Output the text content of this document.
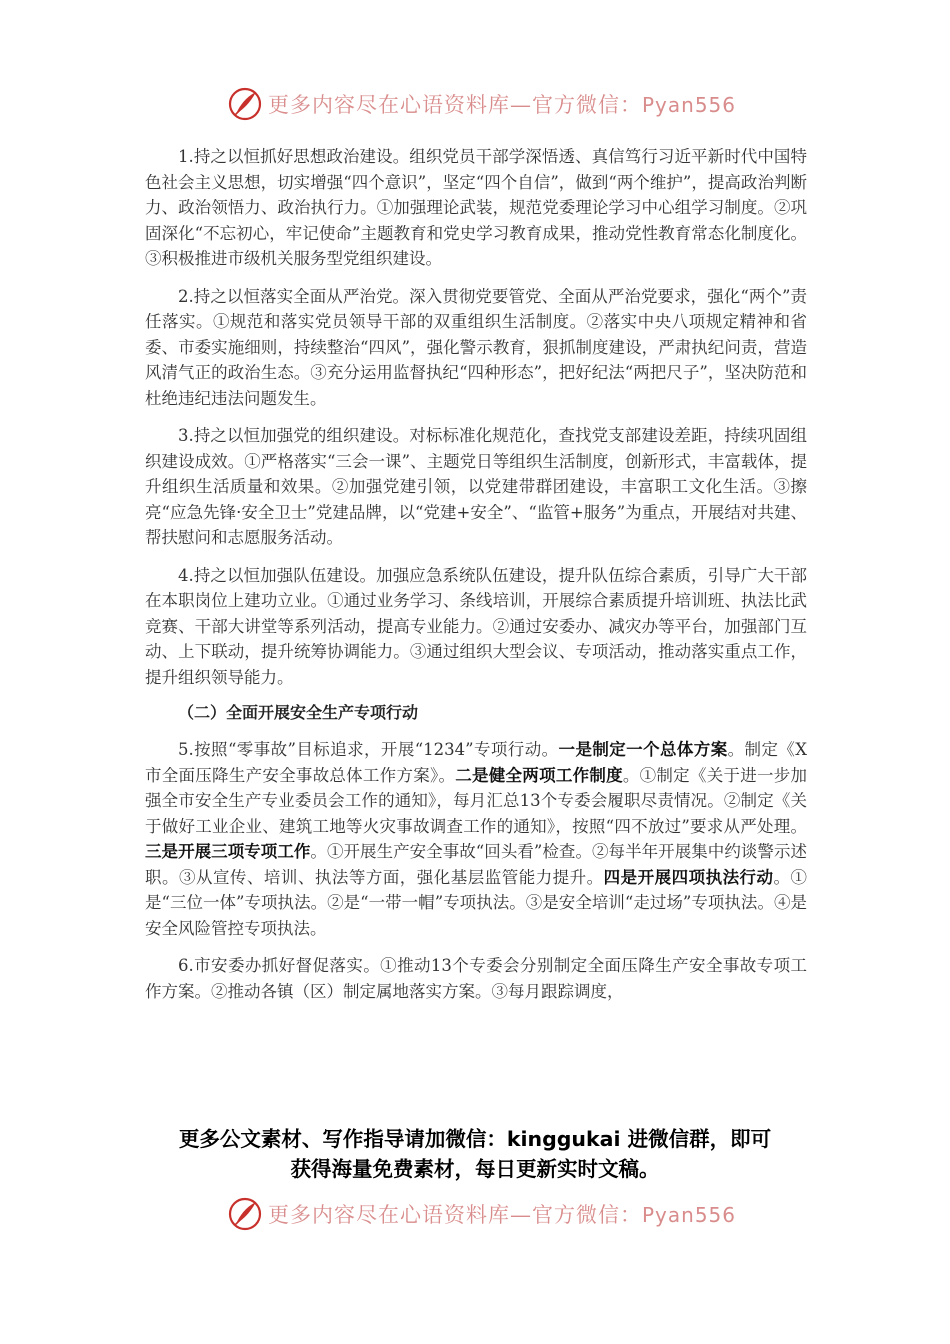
更多内容尽在心语资料库—官方微信：Pyan556

1.持之以恒抓好思想政治建设。组织党员干部学深悟透、真信笃行习近平新时代中国特色社会主义思想，切实增强“四个意识”，坚定“四个自信”，做到“两个维护”，提高政治判断力、政治领悟力、政治执行力。①加强理论武装，规范党委理论学习中心组学习制度。②巩固深化“不忘初心，牢记使命”主题教育和党史学习教育成果，推动党性教育常态化制度化。③积极推进市级机关服务型党组织建设。

2.持之以恒落实全面从严治党。深入贯彻党要管党、全面从严治党要求，强化“两个”责任落实。①规范和落实党员领导干部的双重组织生活制度。②落实中央八项规定精神和省委、市委实施细则，持续整治“四风”，强化警示教育，狠抓制度建设，严肃执纪问责，营造风清气正的政治生态。③充分运用监督执纪“四种形态”，把好纪法“两把尺子”，坚决防范和杜绝违纪违法问题发生。

3.持之以恒加强党的组织建设。对标标准化规范化，查找党支部建设差距，持续巩固组织建设成效。①严格落实“三会一课”、主题党日等组织生活制度，创新形式，丰富载体，提升组织生活质量和效果。②加强党建引领，以党建带群团建设，丰富职工文化生活。③擦亮“应急先锋·安全卫士”党建品牌，以“党建+安全”、“监管+服务”为重点，开展结对共建、帮扶慰问和志愿服务活动。

4.持之以恒加强队伍建设。加强应急系统队伍建设，提升队伍综合素质，引导广大干部在本职岗位上建功立业。①通过业务学习、条线培训，开展综合素质提升培训班、执法比武竞赛、干部大讲堂等系列活动，提高专业能力。②通过安委办、减灾办等平台，加强部门互动、上下联动，提升统筹协调能力。③通过组织大型会议、专项活动，推动落实重点工作，提升组织领导能力。

（二）全面开展安全生产专项行动

5.按照“零事故”目标追求，开展“1234”专项行动。一是制定一个总体方案。制定《X市全面压降生产安全事故总体工作方案》。二是健全两项工作制度。①制定《关于进一步加强全市安全生产专业委员会工作的通知》，每月汇总13个专委会履职尽责情况。②制定《关于做好工业企业、建筑工地等火灾事故调查工作的通知》，按照“四不放过”要求从严处理。三是开展三项专项工作。①开展生产安全事故“回头看”检查。②每半年开展集中约谈警示述职。③从宣传、培训、执法等方面，强化基层监管能力提升。四是开展四项执法行动。①是“三位一体”专项执法。②是“一带一帽”专项执法。③是安全培训“走过场”专项执法。④是安全风险管控专项执法。

6.市安委办抓好督促落实。①推动13个专委会分别制定全面压降生产安全事故专项工作方案。②推动各镇（区）制定属地落实方案。③每月跟踪调度，

更多公文素材、写作指导请加微信：kinggukai 进微信群，即可
获得海量免费素材，每日更新实时文稿。
更多内容尽在心语资料库—官方微信：Pyan556
